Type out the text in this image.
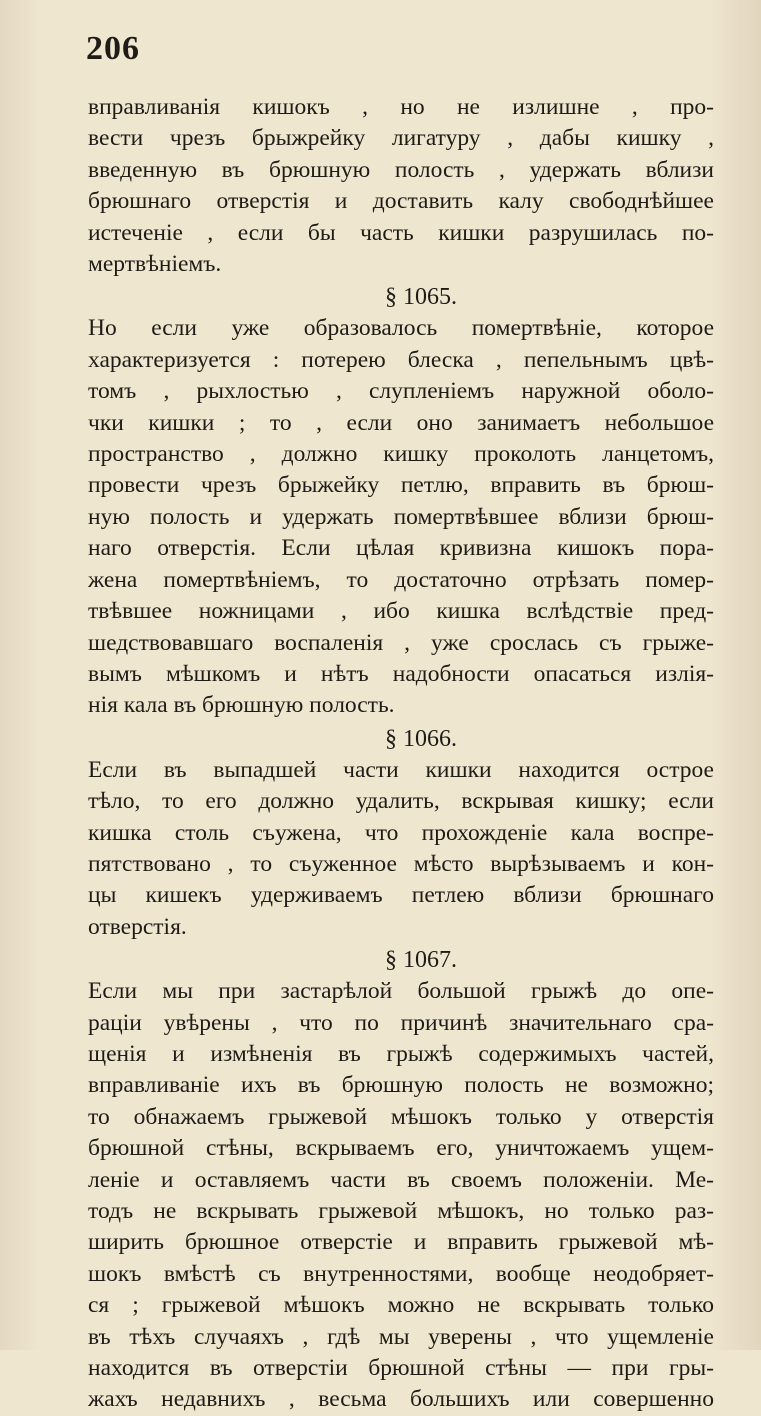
206
вправливанія кишокъ , но не излишне , про-
вести чрезъ брыжрейку лигатуру , дабы кишку ,
введенную въ брюшную полость , удержать вблизи
брюшнаго отверстія и доставить калу свободнѣйшее
истеченіе , если бы часть кишки разрушилась по-
мертвѣніемъ.
§ 1065.
Но если уже образовалось помертвѣніе, которое
характеризуется : потерею блеска , пепельнымъ цвѣ-
томъ , рыхлостью , слупленіемъ наружной оболо-
чки кишки ; то , если оно занимаетъ небольшое
пространство , должно кишку проколоть ланцетомъ,
провести чрезъ брыжейку петлю, вправить въ брюш-
ную полость и удержать помертвѣвшее вблизи брюш-
наго отверстія. Если цѣлая кривизна кишокъ пора-
жена помертвѣніемъ, то достаточно отрѣзать помер-
твѣвшее ножницами , ибо кишка вслѣдствіе пред-
шедствовавшаго воспаленія , уже срослась съ грыже-
вымъ мѣшкомъ и нѣтъ надобности опасаться излія-
нія кала въ брюшную полость.
§ 1066.
Если въ выпадшей части кишки находится острое
тѣло, то его должно удалить, вскрывая кишку; если
кишка столь съужена, что прохожденіе кала воспре-
пятствовано , то съуженное мѣсто вырѣзываемъ и кон-
цы кишекъ удерживаемъ петлею вблизи брюшнаго
отверстія.
§ 1067.
Если мы при застарѣлой большой грыжѣ до опе-
раціи увѣрены , что по причинѣ значительнаго сра-
щенія и измѣненія въ грыжѣ содержимыхъ частей,
вправливаніе ихъ въ брюшную полость не возможно;
то обнажаемъ грыжевой мѣшокъ только у отверстія
брюшной стѣны, вскрываемъ его, уничтожаемъ ущем-
леніе и оставляемъ части въ своемъ положеніи. Ме-
тодъ не вскрывать грыжевой мѣшокъ, но только раз-
ширить брюшное отверстіе и вправить грыжевой мѣ-
шокъ вмѣстѣ съ внутренностями, вообще неодобряет-
ся ; грыжевой мѣшокъ можно не вскрывать только
въ тѣхъ случаяхъ , гдѣ мы уверены , что ущемленіе
находится въ отверстіи брюшной стѣны — при гры-
жахъ недавнихъ , весьма большихъ или совершенно
